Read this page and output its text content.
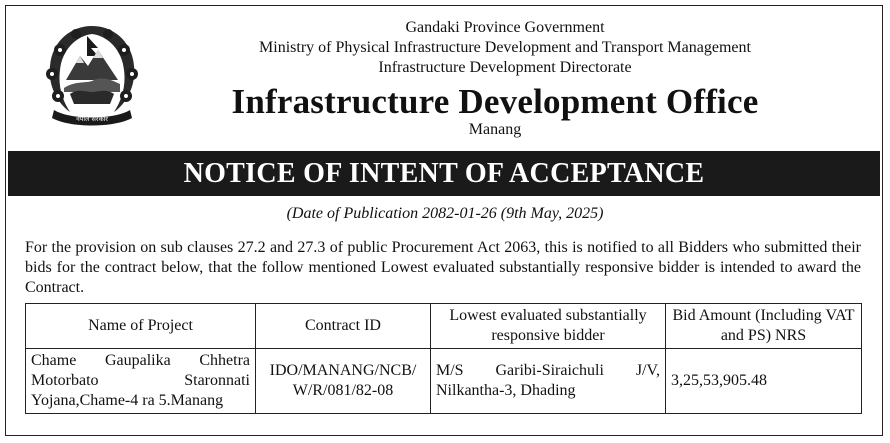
नेपाल सरकार
Gandaki Province Government
Ministry of Physical Infrastructure Development and Transport Management
Infrastructure Development Directorate
Infrastructure Development Office
Manang
NOTICE OF INTENT OF ACCEPTANCE
(Date of Publication 2082-01-26 (9th May, 2025)
For the provision on sub clauses 27.2 and 27.3 of public Procurement Act 2063, this is notified to all Bidders who submitted their bids for the contract below, that the follow mentioned Lowest evaluated substantially responsive bidder is intended to award the Contract.
Name of Project	Contract ID	Lowest evaluated substantially responsive bidder	Bid Amount (Including VAT and PS) NRS
Chame Gaupalika Chhetra Motorbato Staronnati Yojana,Chame-4 ra 5.Manang	IDO/MANANG/NCB/W/R/081/82-08	M/S Garibi-Siraichuli J/V, Nilkantha-3, Dhading	3,25,53,905.48
